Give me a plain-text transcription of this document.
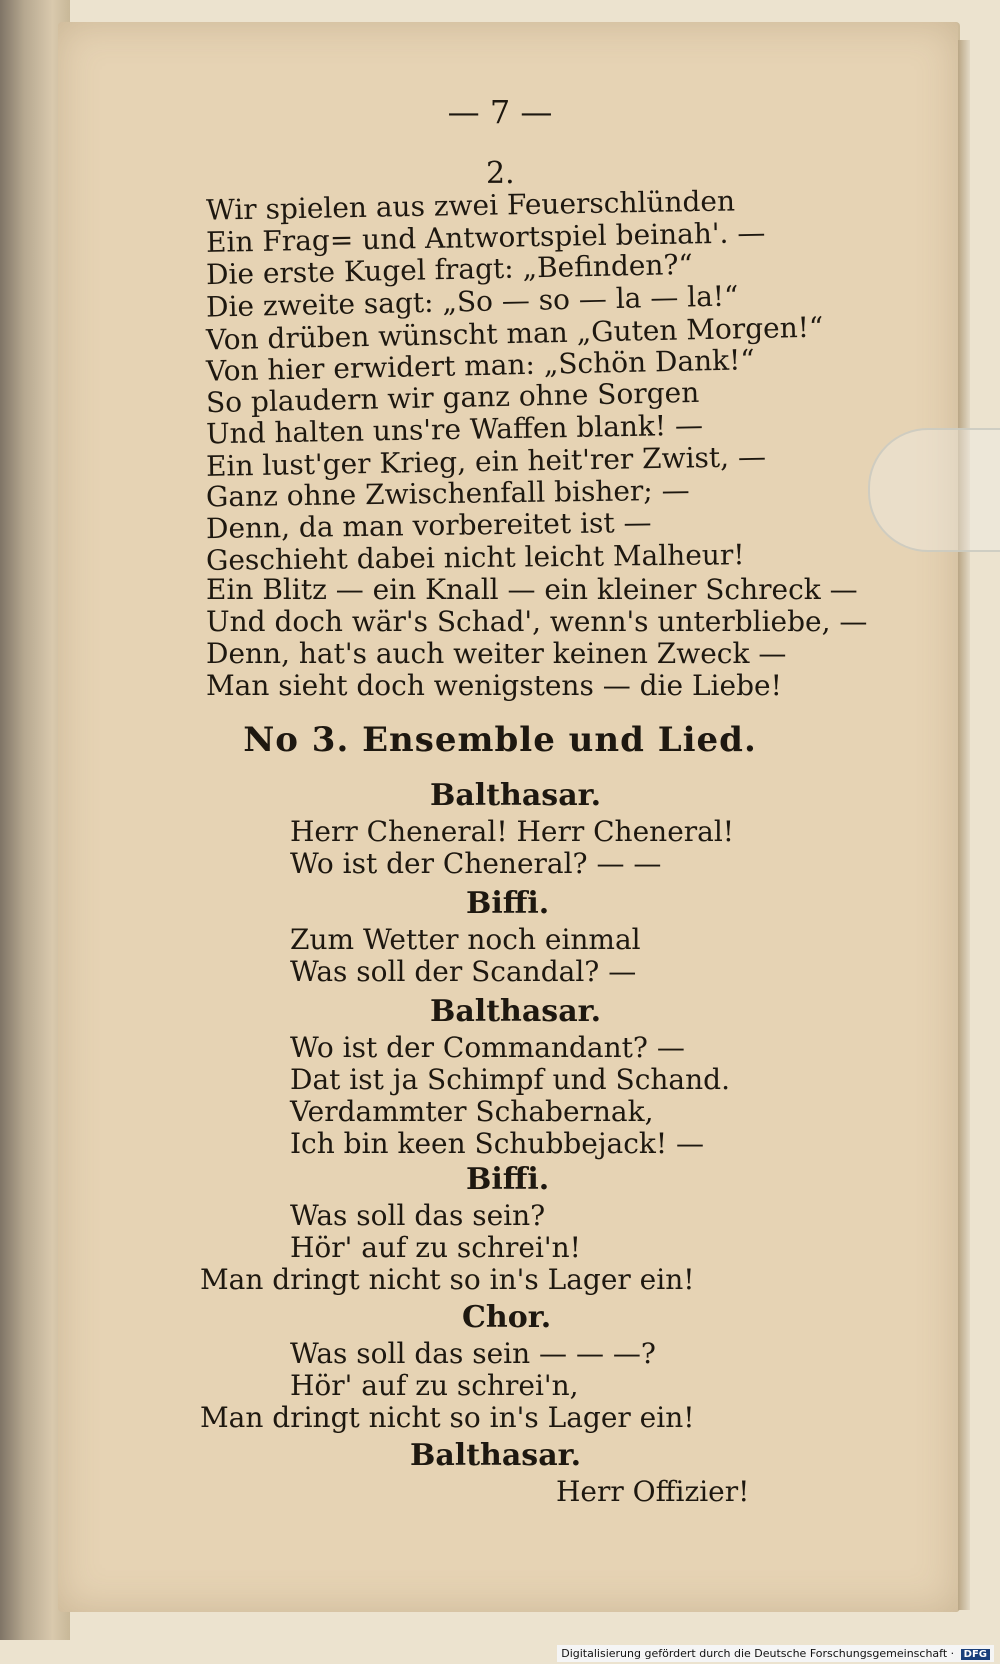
— 7 —
2.
Wir spielen aus zwei Feuerschlünden
Ein Frag= und Antwortspiel beinah'. —
Die erste Kugel fragt: „Befinden?“
Die zweite sagt: „So — so — la — la!“
Von drüben wünscht man „Guten Morgen!“
Von hier erwidert man: „Schön Dank!“
So plaudern wir ganz ohne Sorgen
Und halten uns're Waffen blank! —
Ein lust'ger Krieg, ein heit'rer Zwist, —
Ganz ohne Zwischenfall bisher; —
Denn, da man vorbereitet ist —
Geschieht dabei nicht leicht Malheur!
Ein Blitz — ein Knall — ein kleiner Schreck —
Und doch wär's Schad', wenn's unterbliebe, —
Denn, hat's auch weiter keinen Zweck —
Man sieht doch wenigstens — die Liebe!
No 3. Ensemble und Lied.
Balthasar.
Herr Cheneral! Herr Cheneral!
Wo ist der Cheneral? — —
Biffi.
Zum Wetter noch einmal
Was soll der Scandal? —
Balthasar.
Wo ist der Commandant? —
Dat ist ja Schimpf und Schand.
Verdammter Schabernak,
Ich bin keen Schubbejack! —
Biffi.
Was soll das sein?
Hör' auf zu schrei'n!
Man dringt nicht so in's Lager ein!
Chor.
Was soll das sein — — —?
Hör' auf zu schrei'n,
Man dringt nicht so in's Lager ein!
Balthasar.
Herr Offizier!
Digitalisierung gefördert durch die Deutsche Forschungsgemeinschaft · DFG
